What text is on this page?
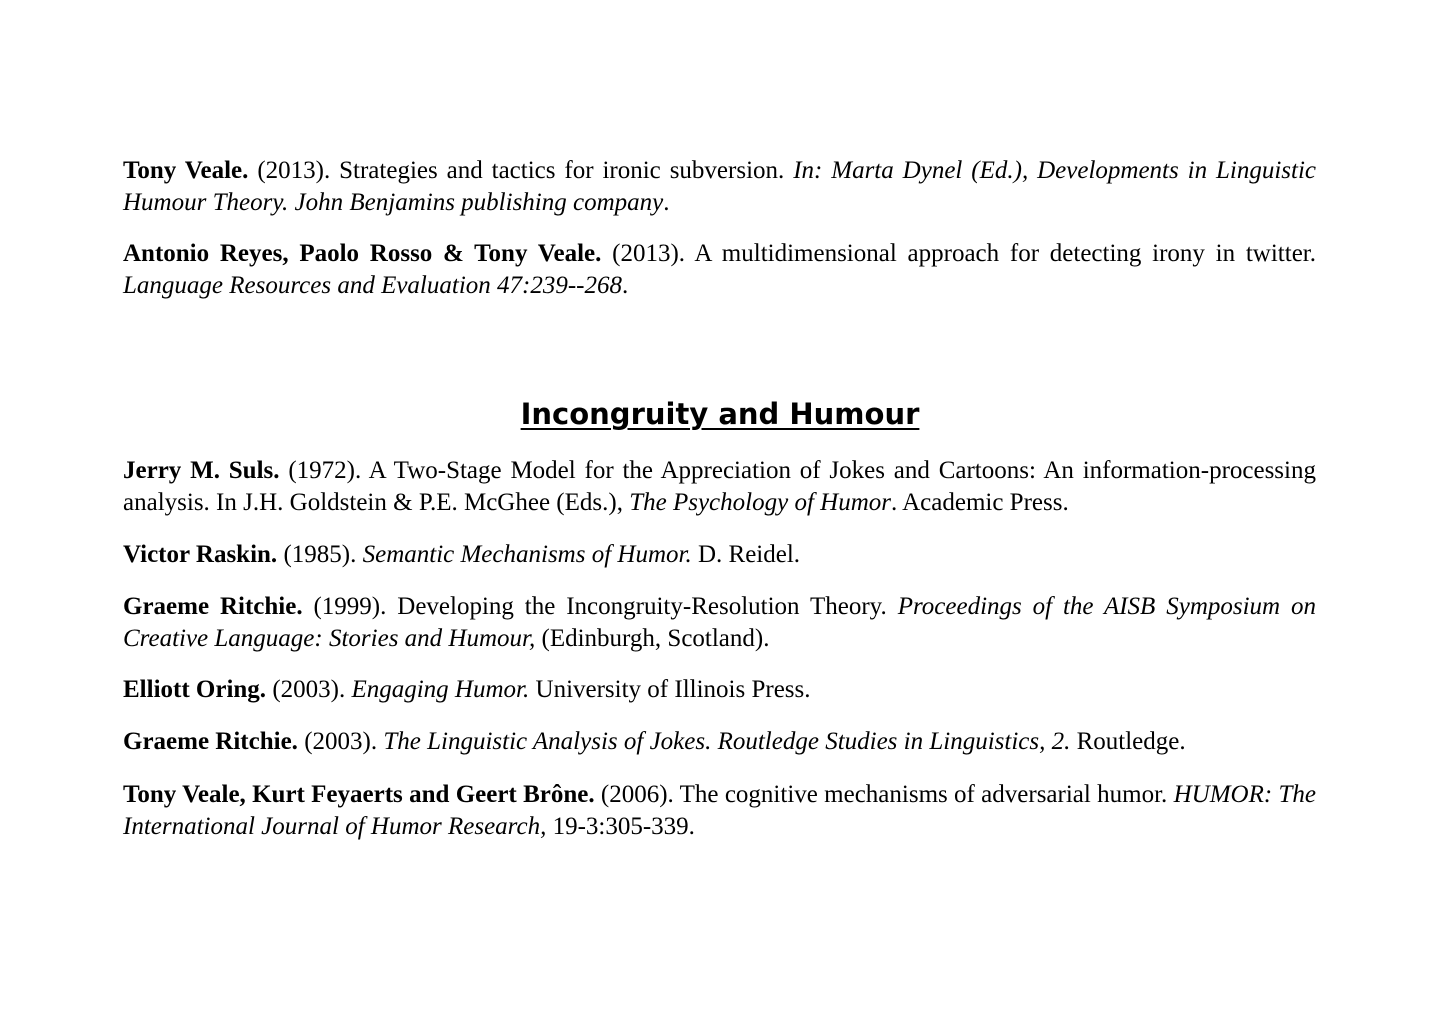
Tony Veale. (2013). Strategies and tactics for ironic subversion. In: Marta Dynel (Ed.), Developments in Linguistic Humour Theory. John Benjamins publishing company.

Antonio Reyes, Paolo Rosso & Tony Veale. (2013). A multidimensional approach for detecting irony in twitter. Language Resources and Evaluation 47:239--268.

Incongruity and Humour

Jerry M. Suls. (1972). A Two-Stage Model for the Appreciation of Jokes and Cartoons: An information-processing analysis. In J.H. Goldstein & P.E. McGhee (Eds.), The Psychology of Humor. Academic Press.

Victor Raskin. (1985). Semantic Mechanisms of Humor. D. Reidel.

Graeme Ritchie. (1999). Developing the Incongruity-Resolution Theory. Proceedings of the AISB Symposium on Creative Language: Stories and Humour, (Edinburgh, Scotland).

Elliott Oring. (2003). Engaging Humor. University of Illinois Press.

Graeme Ritchie. (2003). The Linguistic Analysis of Jokes. Routledge Studies in Linguistics, 2. Routledge.

Tony Veale, Kurt Feyaerts and Geert Brône. (2006). The cognitive mechanisms of adversarial humor. HUMOR: The International Journal of Humor Research, 19-3:305-339.
